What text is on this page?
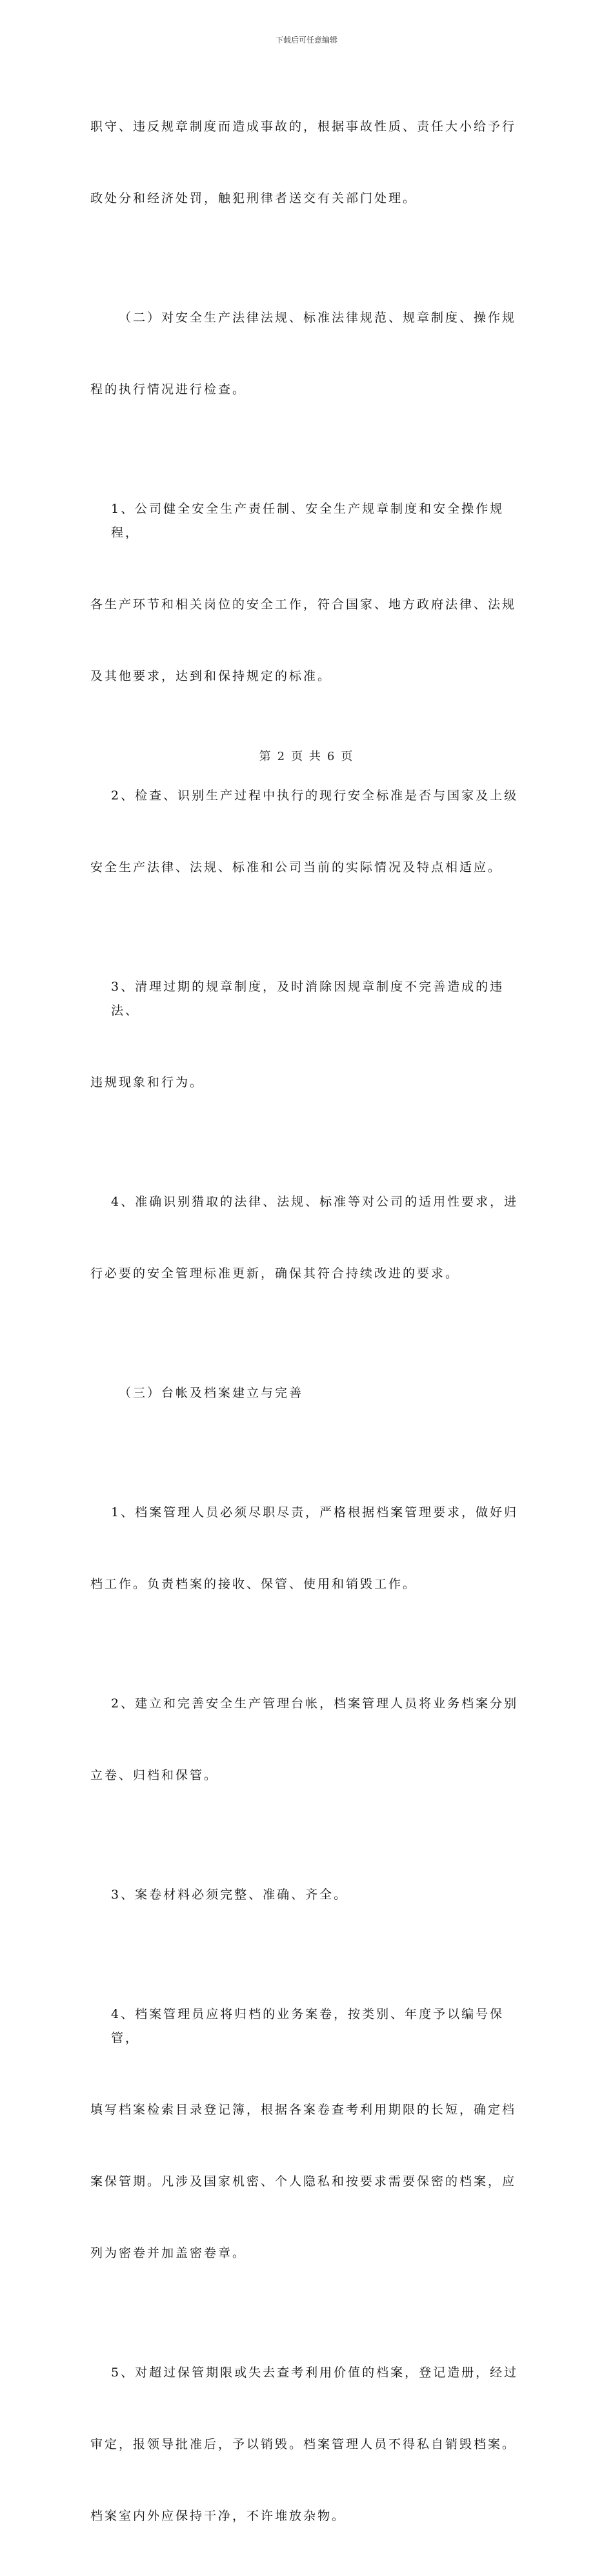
下载后可任意编辑

职守、违反规章制度而造成事故的，根据事故性质、责任大小给予行

政处分和经济处罚，触犯刑律者送交有关部门处理。

（二）对安全生产法律法规、标准法律规范、规章制度、操作规

程的执行情况进行检查。

1、公司健全安全生产责任制、安全生产规章制度和安全操作规程，

各生产环节和相关岗位的安全工作，符合国家、地方政府法律、法规

及其他要求，达到和保持规定的标准。

2、检查、识别生产过程中执行的现行安全标准是否与国家及上级

安全生产法律、法规、标准和公司当前的实际情况及特点相适应。

3、清理过期的规章制度，及时消除因规章制度不完善造成的违法、

违规现象和行为。

4、准确识别猎取的法律、法规、标准等对公司的适用性要求，进

行必要的安全管理标准更新，确保其符合持续改进的要求。

（三）台帐及档案建立与完善

1、档案管理人员必须尽职尽责，严格根据档案管理要求，做好归

档工作。负责档案的接收、保管、使用和销毁工作。

2、建立和完善安全生产管理台帐，档案管理人员将业务档案分别

立卷、归档和保管。

3、案卷材料必须完整、准确、齐全。

4、档案管理员应将归档的业务案卷，按类别、年度予以编号保管，

填写档案检索目录登记簿，根据各案卷查考利用期限的长短，确定档

案保管期。凡涉及国家机密、个人隐私和按要求需要保密的档案，应

列为密卷并加盖密卷章。

5、对超过保管期限或失去查考利用价值的档案，登记造册，经过

审定，报领导批准后，予以销毁。档案管理人员不得私自销毁档案。

档案室内外应保持干净，不许堆放杂物。

第 2 页 共 6 页
